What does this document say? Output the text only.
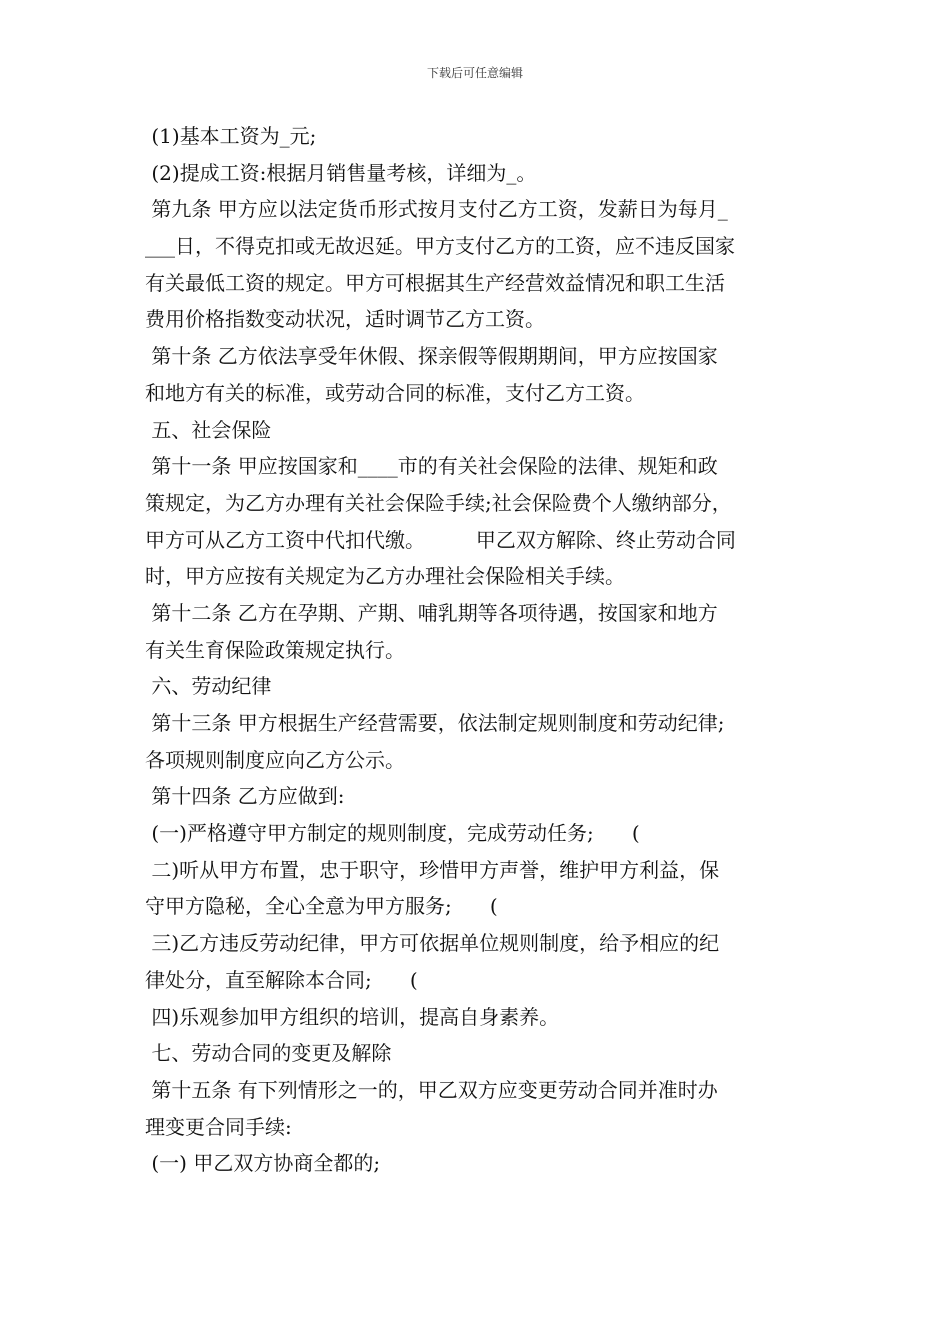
下载后可任意编辑
(1)基本工资为_元;
(2)提成工资:根据月销售量考核，详细为_。
第九条 甲方应以法定货币形式按月支付乙方工资，发薪日为每月_
___日，不得克扣或无故迟延。甲方支付乙方的工资，应不违反国家
有关最低工资的规定。甲方可根据其生产经营效益情况和职工生活
费用价格指数变动状况，适时调节乙方工资。
第十条 乙方依法享受年休假、探亲假等假期期间，甲方应按国家
和地方有关的标准，或劳动合同的标准，支付乙方工资。
五、社会保险
第十一条 甲应按国家和____市的有关社会保险的法律、规矩和政
策规定，为乙方办理有关社会保险手续;社会保险费个人缴纳部分，
甲方可从乙方工资中代扣代缴。        甲乙双方解除、终止劳动合同
时，甲方应按有关规定为乙方办理社会保险相关手续。
第十二条 乙方在孕期、产期、哺乳期等各项待遇，按国家和地方
有关生育保险政策规定执行。
六、劳动纪律
第十三条 甲方根据生产经营需要，依法制定规则制度和劳动纪律;
各项规则制度应向乙方公示。
第十四条 乙方应做到:
(一)严格遵守甲方制定的规则制度，完成劳动任务;      (
二)听从甲方布置，忠于职守，珍惜甲方声誉，维护甲方利益，保
守甲方隐秘，全心全意为甲方服务;      (
三)乙方违反劳动纪律，甲方可依据单位规则制度，给予相应的纪
律处分，直至解除本合同;      (
四)乐观参加甲方组织的培训，提高自身素养。
七、劳动合同的变更及解除
第十五条 有下列情形之一的，甲乙双方应变更劳动合同并准时办
理变更合同手续:
(一) 甲乙双方协商全都的;
